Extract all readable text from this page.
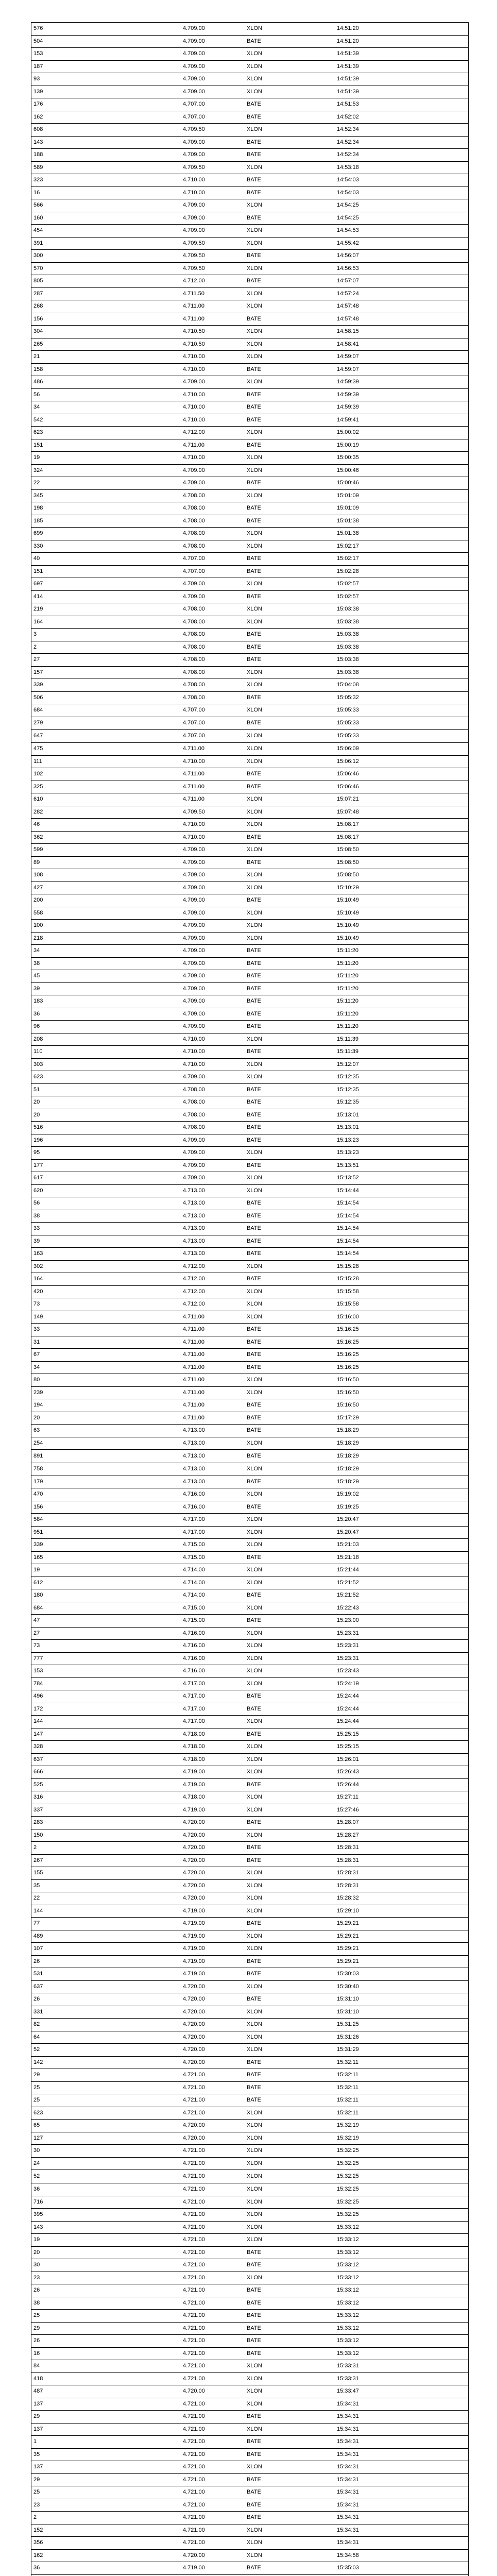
576	4.709.00	XLON	14:51:20
504	4.709.00	BATE	14:51:20
153	4.709.00	XLON	14:51:39
187	4.709.00	XLON	14:51:39
93	4.709.00	XLON	14:51:39
139	4.709.00	XLON	14:51:39
176	4.707.00	BATE	14:51:53
162	4.707.00	BATE	14:52:02
608	4.709.50	XLON	14:52:34
143	4.709.00	BATE	14:52:34
188	4.709.00	BATE	14:52:34
589	4.709.50	XLON	14:53:18
323	4.710.00	BATE	14:54:03
16	4.710.00	BATE	14:54:03
566	4.709.00	XLON	14:54:25
160	4.709.00	BATE	14:54:25
454	4.709.00	XLON	14:54:53
391	4.709.50	XLON	14:55:42
300	4.709.50	BATE	14:56:07
570	4.709.50	XLON	14:56:53
805	4.712.00	BATE	14:57:07
287	4.711.50	XLON	14:57:24
268	4.711.00	XLON	14:57:48
156	4.711.00	BATE	14:57:48
304	4.710.50	XLON	14:58:15
265	4.710.50	XLON	14:58:41
21	4.710.00	XLON	14:59:07
158	4.710.00	BATE	14:59:07
486	4.709.00	XLON	14:59:39
56	4.710.00	BATE	14:59:39
34	4.710.00	BATE	14:59:39
542	4.710.00	BATE	14:59:41
623	4.712.00	XLON	15:00:02
151	4.711.00	BATE	15:00:19
19	4.710.00	XLON	15:00:35
324	4.709.00	XLON	15:00:46
22	4.709.00	BATE	15:00:46
345	4.708.00	XLON	15:01:09
198	4.708.00	BATE	15:01:09
185	4.708.00	BATE	15:01:38
699	4.708.00	XLON	15:01:38
330	4.708.00	XLON	15:02:17
40	4.707.00	BATE	15:02:17
151	4.707.00	BATE	15:02:28
697	4.709.00	XLON	15:02:57
414	4.709.00	BATE	15:02:57
219	4.708.00	XLON	15:03:38
164	4.708.00	XLON	15:03:38
3	4.708.00	BATE	15:03:38
2	4.708.00	BATE	15:03:38
27	4.708.00	BATE	15:03:38
157	4.708.00	XLON	15:03:38
339	4.708.00	XLON	15:04:08
506	4.708.00	BATE	15:05:32
684	4.707.00	XLON	15:05:33
279	4.707.00	BATE	15:05:33
647	4.707.00	XLON	15:05:33
475	4.711.00	XLON	15:06:09
111	4.710.00	XLON	15:06:12
102	4.711.00	BATE	15:06:46
325	4.711.00	BATE	15:06:46
610	4.711.00	XLON	15:07:21
282	4.709.50	XLON	15:07:48
46	4.710.00	XLON	15:08:17
362	4.710.00	BATE	15:08:17
599	4.709.00	XLON	15:08:50
89	4.709.00	BATE	15:08:50
108	4.709.00	XLON	15:08:50
427	4.709.00	XLON	15:10:29
200	4.709.00	BATE	15:10:49
558	4.709.00	XLON	15:10:49
100	4.709.00	XLON	15:10:49
218	4.709.00	XLON	15:10:49
34	4.709.00	BATE	15:11:20
38	4.709.00	BATE	15:11:20
45	4.709.00	BATE	15:11:20
39	4.709.00	BATE	15:11:20
183	4.709.00	BATE	15:11:20
36	4.709.00	BATE	15:11:20
96	4.709.00	BATE	15:11:20
208	4.710.00	XLON	15:11:39
110	4.710.00	BATE	15:11:39
303	4.710.00	XLON	15:12:07
623	4.709.00	XLON	15:12:35
51	4.708.00	BATE	15:12:35
20	4.708.00	BATE	15:12:35
20	4.708.00	BATE	15:13:01
516	4.708.00	BATE	15:13:01
196	4.709.00	BATE	15:13:23
95	4.709.00	XLON	15:13:23
177	4.709.00	BATE	15:13:51
617	4.709.00	XLON	15:13:52
620	4.713.00	XLON	15:14:44
56	4.713.00	BATE	15:14:54
38	4.713.00	BATE	15:14:54
33	4.713.00	BATE	15:14:54
39	4.713.00	BATE	15:14:54
163	4.713.00	BATE	15:14:54
302	4.712.00	XLON	15:15:28
164	4.712.00	BATE	15:15:28
420	4.712.00	XLON	15:15:58
73	4.712.00	XLON	15:15:58
149	4.711.00	XLON	15:16:00
33	4.711.00	BATE	15:16:25
31	4.711.00	BATE	15:16:25
67	4.711.00	BATE	15:16:25
34	4.711.00	BATE	15:16:25
80	4.711.00	XLON	15:16:50
239	4.711.00	XLON	15:16:50
194	4.711.00	BATE	15:16:50
20	4.711.00	BATE	15:17:29
63	4.713.00	BATE	15:18:29
254	4.713.00	XLON	15:18:29
891	4.713.00	BATE	15:18:29
758	4.713.00	XLON	15:18:29
179	4.713.00	BATE	15:18:29
470	4.716.00	XLON	15:19:02
156	4.716.00	BATE	15:19:25
584	4.717.00	XLON	15:20:47
951	4.717.00	XLON	15:20:47
339	4.715.00	XLON	15:21:03
165	4.715.00	BATE	15:21:18
19	4.714.00	XLON	15:21:44
612	4.714.00	XLON	15:21:52
180	4.714.00	BATE	15:21:52
684	4.715.00	XLON	15:22:43
47	4.715.00	BATE	15:23:00
27	4.716.00	XLON	15:23:31
73	4.716.00	XLON	15:23:31
777	4.716.00	XLON	15:23:31
153	4.716.00	XLON	15:23:43
784	4.717.00	XLON	15:24:19
496	4.717.00	BATE	15:24:44
172	4.717.00	BATE	15:24:44
144	4.717.00	XLON	15:24:44
147	4.718.00	BATE	15:25:15
328	4.718.00	XLON	15:25:15
637	4.718.00	XLON	15:26:01
666	4.719.00	XLON	15:26:43
525	4.719.00	BATE	15:26:44
316	4.718.00	XLON	15:27:11
337	4.719.00	XLON	15:27:46
283	4.720.00	BATE	15:28:07
150	4.720.00	XLON	15:28:27
2	4.720.00	BATE	15:28:31
267	4.720.00	BATE	15:28:31
155	4.720.00	XLON	15:28:31
35	4.720.00	XLON	15:28:31
22	4.720.00	XLON	15:28:32
144	4.719.00	XLON	15:29:10
77	4.719.00	BATE	15:29:21
489	4.719.00	XLON	15:29:21
107	4.719.00	XLON	15:29:21
26	4.719.00	BATE	15:29:21
531	4.719.00	BATE	15:30:03
637	4.720.00	XLON	15:30:40
26	4.720.00	BATE	15:31:10
331	4.720.00	XLON	15:31:10
82	4.720.00	XLON	15:31:25
64	4.720.00	XLON	15:31:26
52	4.720.00	XLON	15:31:29
142	4.720.00	BATE	15:32:11
29	4.721.00	BATE	15:32:11
25	4.721.00	BATE	15:32:11
25	4.721.00	BATE	15:32:11
623	4.721.00	XLON	15:32:11
65	4.720.00	XLON	15:32:19
127	4.720.00	XLON	15:32:19
30	4.721.00	XLON	15:32:25
24	4.721.00	XLON	15:32:25
52	4.721.00	XLON	15:32:25
36	4.721.00	XLON	15:32:25
716	4.721.00	XLON	15:32:25
395	4.721.00	XLON	15:32:25
143	4.721.00	XLON	15:33:12
19	4.721.00	XLON	15:33:12
20	4.721.00	BATE	15:33:12
30	4.721.00	BATE	15:33:12
23	4.721.00	XLON	15:33:12
26	4.721.00	BATE	15:33:12
38	4.721.00	BATE	15:33:12
25	4.721.00	BATE	15:33:12
29	4.721.00	BATE	15:33:12
26	4.721.00	BATE	15:33:12
16	4.721.00	BATE	15:33:12
84	4.721.00	XLON	15:33:31
418	4.721.00	XLON	15:33:31
487	4.720.00	XLON	15:33:47
137	4.721.00	XLON	15:34:31
29	4.721.00	BATE	15:34:31
137	4.721.00	XLON	15:34:31
1	4.721.00	BATE	15:34:31
35	4.721.00	BATE	15:34:31
137	4.721.00	XLON	15:34:31
29	4.721.00	BATE	15:34:31
25	4.721.00	BATE	15:34:31
23	4.721.00	BATE	15:34:31
2	4.721.00	BATE	15:34:31
152	4.721.00	XLON	15:34:31
356	4.721.00	XLON	15:34:31
162	4.720.00	XLON	15:34:58
36	4.719.00	BATE	15:35:03
